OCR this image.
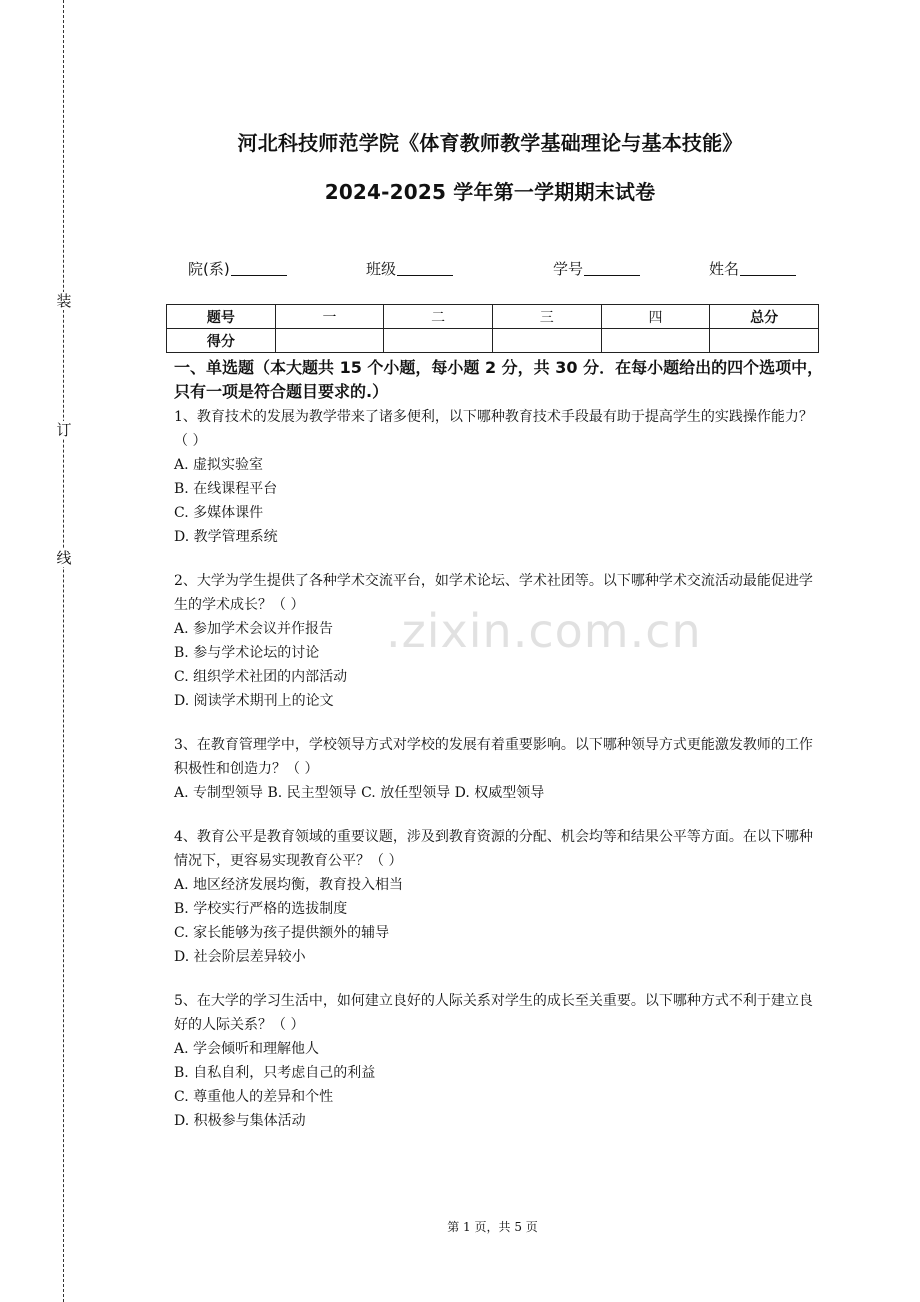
装
订
线
河北科技师范学院《体育教师教学基础理论与基本技能》
2024-2025 学年第一学期期末试卷
院(系)	班级	学号	姓名
题号	一	二	三	四	总分
得分					
一、单选题（本大题共 15 个小题，每小题 2 分，共 30 分．在每小题给出的四个选项中，只有一项是符合题目要求的.）

1、教育技术的发展为教学带来了诸多便利，以下哪种教育技术手段最有助于提高学生的实践操作能力？（ ）

A. 虚拟实验室

B. 在线课程平台

C. 多媒体课件

D. 教学管理系统

2、大学为学生提供了各种学术交流平台，如学术论坛、学术社团等。以下哪种学术交流活动最能促进学生的学术成长？（ ）

A. 参加学术会议并作报告

B. 参与学术论坛的讨论

C. 组织学术社团的内部活动

D. 阅读学术期刊上的论文

3、在教育管理学中，学校领导方式对学校的发展有着重要影响。以下哪种领导方式更能激发教师的工作积极性和创造力？（ ）

A. 专制型领导 B. 民主型领导 C. 放任型领导 D. 权威型领导

4、教育公平是教育领域的重要议题，涉及到教育资源的分配、机会均等和结果公平等方面。在以下哪种情况下，更容易实现教育公平？（ ）

A. 地区经济发展均衡，教育投入相当

B. 学校实行严格的选拔制度

C. 家长能够为孩子提供额外的辅导

D. 社会阶层差异较小

5、在大学的学习生活中，如何建立良好的人际关系对学生的成长至关重要。以下哪种方式不利于建立良好的人际关系？（ ）

A. 学会倾听和理解他人

B. 自私自利，只考虑自己的利益

C. 尊重他人的差异和个性

D. 积极参与集体活动

.zixin.com.cn
第 1 页，共 5 页
